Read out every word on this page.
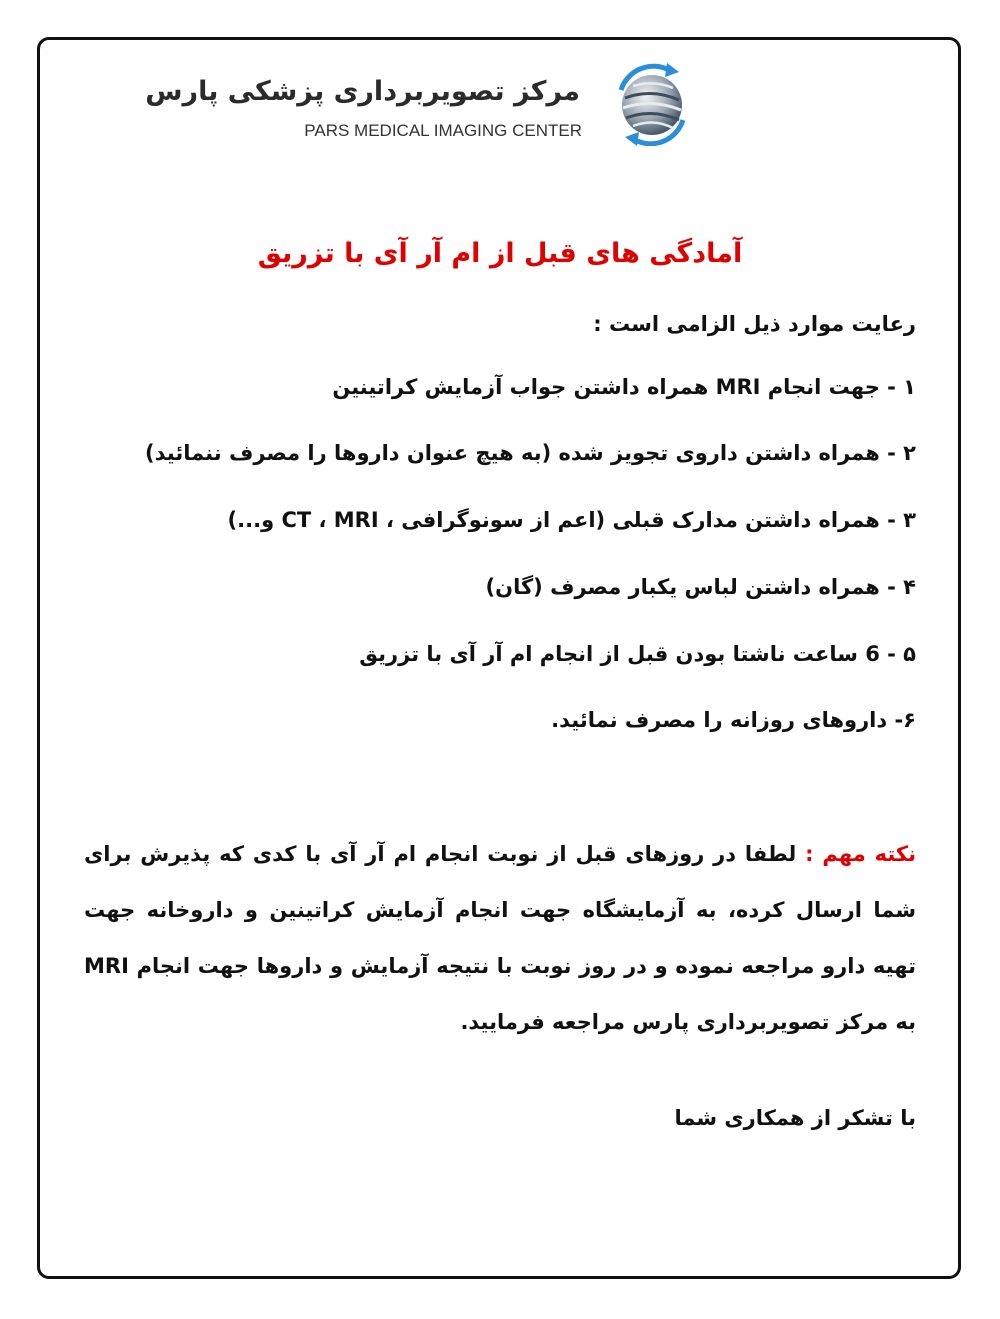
مرکز تصویربرداری پزشکی پارس
PARS MEDICAL IMAGING CENTER
آمادگی های قبل از ام آر آی با تزریق
رعایت موارد ذیل الزامی است :
۱ - جهت انجام MRI همراه داشتن جواب آزمایش کراتینین
۲ - همراه داشتن داروی تجویز شده (به هیچ عنوان داروها را مصرف ننمائید)
۳ - همراه داشتن مدارک قبلی (اعم از سونوگرافی ، CT ، MRI و...)
۴ - همراه داشتن لباس یکبار مصرف (گان)
۵ - 6 ساعت ناشتا بودن قبل از انجام ام آر آی با تزریق
۶- داروهای روزانه را مصرف نمائید.
نکته مهم : لطفا در روزهای قبل از نوبت انجام ام آر آی با کدی که پذیرش برای شما ارسال کرده، به آزمایشگاه جهت انجام آزمایش کراتینین و داروخانه جهت تهیه دارو مراجعه نموده و در روز نوبت با نتیجه آزمایش و داروها جهت انجام MRI به مرکز تصویربرداری پارس مراجعه فرمایید.
با تشکر از همکاری شما
